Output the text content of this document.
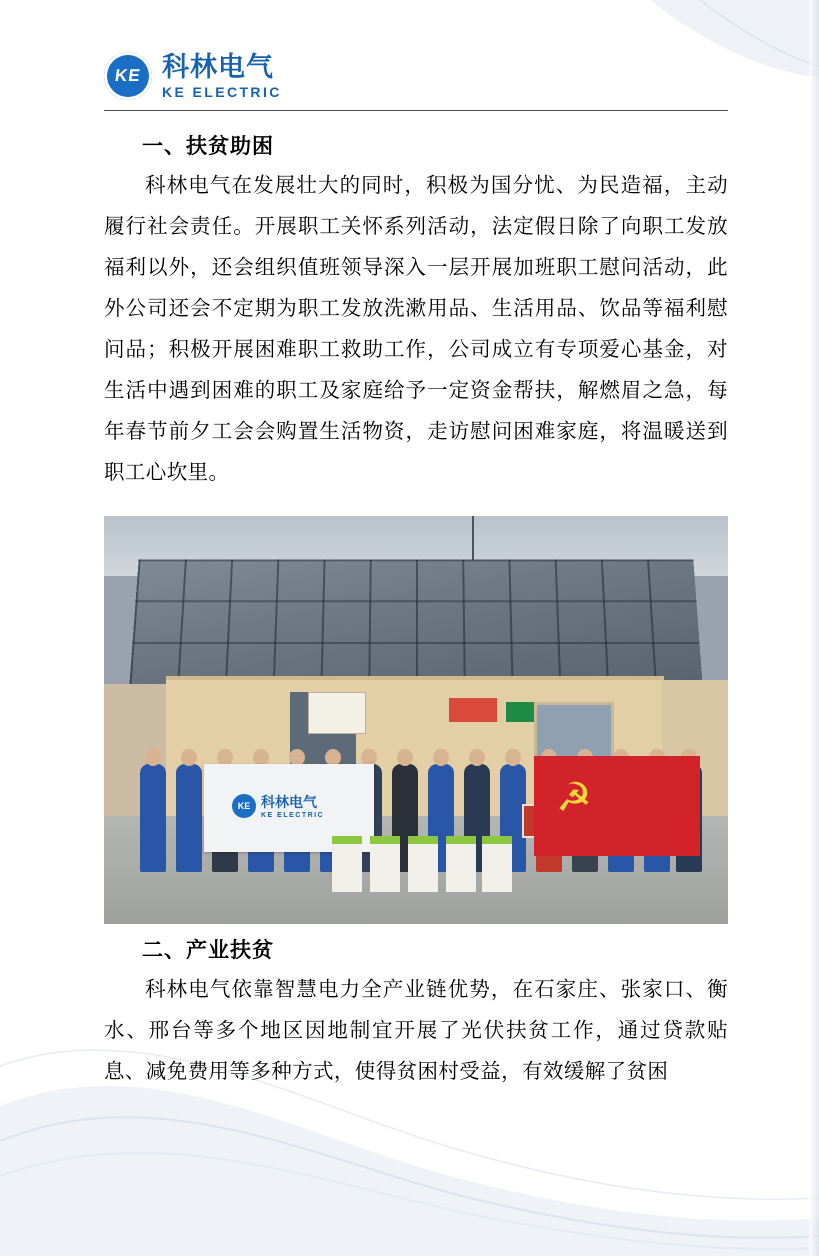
KE 科林电气
KE ELECTRIC
一、扶贫助困

科林电气在发展壮大的同时，积极为国分忧、为民造福，主动履行社会责任。开展职工关怀系列活动，法定假日除了向职工发放福利以外，还会组织值班领导深入一层开展加班职工慰问活动，此外公司还会不定期为职工发放洗漱用品、生活用品、饮品等福利慰问品；积极开展困难职工救助工作，公司成立有专项爱心基金，对生活中遇到困难的职工及家庭给予一定资金帮扶，解燃眉之急，每年春节前夕工会会购置生活物资，走访慰问困难家庭，将温暖送到职工心坎里。

KE 科林电气
KE ELECTRIC	☭
二、产业扶贫

科林电气依靠智慧电力全产业链优势，在石家庄、张家口、衡水、邢台等多个地区因地制宜开展了光伏扶贫工作，通过贷款贴息、减免费用等多种方式，使得贫困村受益，有效缓解了贫困
